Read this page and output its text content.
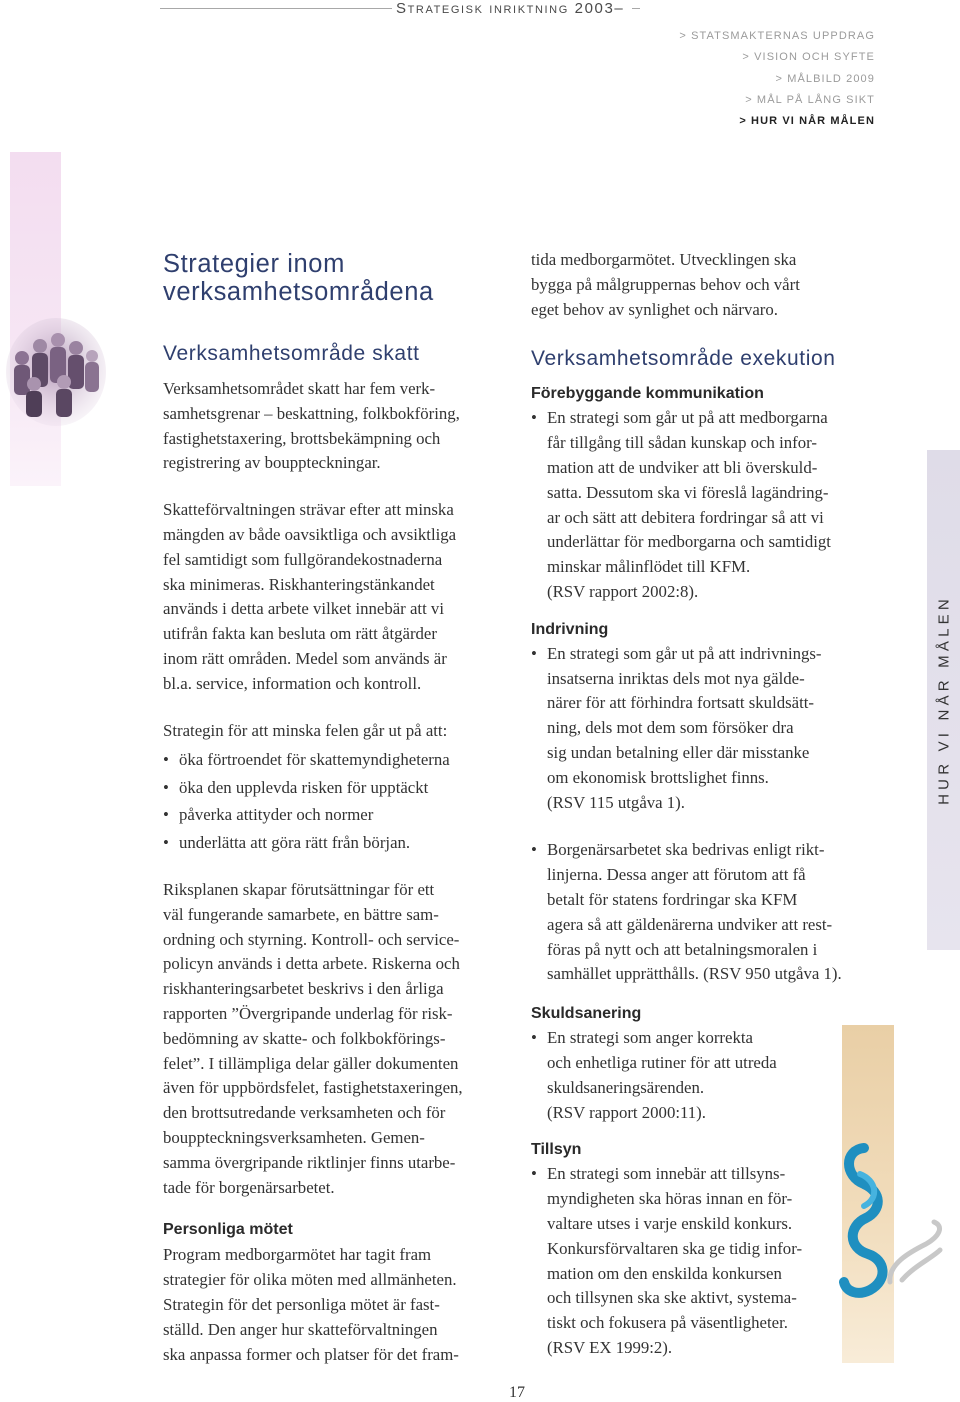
Strategisk inriktning 2003–
> STATSMAKTERNAS UPPDRAG
> VISION OCH SYFTE
> MÅLBILD 2009
> MÅL PÅ LÅNG SIKT
> HUR VI NÅR MÅLEN
HUR VI NÅR MÅLEN
Strategier inom
verksamhetsområdena
Verksamhetsområde skatt

Verksamhetsområdet skatt har fem verk-
samhetsgrenar – beskattning, folkbokföring,
fastighetstaxering, brottsbekämpning och
registrering av bouppteckningar.

Skatteförvaltningen strävar efter att minska
mängden av både oavsiktliga och avsiktliga
fel samtidigt som fullgörandekostnaderna
ska minimeras. Riskhanteringstänkandet
används i detta arbete vilket innebär att vi
utifrån fakta kan besluta om rätt åtgärder
inom rätt områden. Medel som används är
bl.a. service, information och kontroll.

Strategin för att minska felen går ut på att:

• öka förtroendet för skattemyndigheterna
• öka den upplevda risken för upptäckt
• påverka attityder och normer
• underlätta att göra rätt från början.

Riksplanen skapar förutsättningar för ett
väl fungerande samarbete, en bättre sam-
ordning och styrning. Kontroll- och service-
policyn används i detta arbete. Riskerna och
riskhanteringsarbetet beskrivs i den årliga
rapporten ”Övergripande underlag för risk-
bedömning av skatte- och folkbokförings-
felet”. I tillämpliga delar gäller dokumenten
även för uppbördsfelet, fastighetstaxeringen,
den brottsutredande verksamheten och för
bouppteckningsverksamheten. Gemen-
samma övergripande riktlinjer finns utarbe-
tade för borgenärsarbetet.

Personliga mötet

Program medborgarmötet har tagit fram
strategier för olika möten med allmänheten.
Strategin för det personliga mötet är fast-
ställd. Den anger hur skatteförvaltningen
ska anpassa former och platser för det fram-

tida medborgarmötet. Utvecklingen ska
bygga på målgruppernas behov och vårt
eget behov av synlighet och närvaro.

Verksamhetsområde exekution
Förebyggande kommunikation
• En strategi som går ut på att medborgarna
får tillgång till sådan kunskap och infor-
mation att de undviker att bli överskuld-
satta. Dessutom ska vi föreslå lagändring-
ar och sätt att debitera fordringar så att vi
underlättar för medborgarna och samtidigt
minskar målinflödet till KFM.
(RSV rapport 2002:8).
Indrivning
• En strategi som går ut på att indrivnings-
insatserna inriktas dels mot nya gälde-
närer för att förhindra fortsatt skuldsätt-
ning, dels mot dem som försöker dra
sig undan betalning eller där misstanke
om ekonomisk brottslighet finns.
(RSV 115 utgåva 1).
• Borgenärsarbetet ska bedrivas enligt rikt-
linjerna. Dessa anger att förutom att få
betalt för statens fordringar ska KFM
agera så att gäldenärerna undviker att rest-
föras på nytt och att betalningsmoralen i
samhället upprätthålls. (RSV 950 utgåva 1).
Skuldsanering
• En strategi som anger korrekta
och enhetliga rutiner för att utreda
skuldsaneringsärenden.
(RSV rapport 2000:11).
Tillsyn
• En strategi som innebär att tillsyns-
myndigheten ska höras innan en för-
valtare utses i varje enskild konkurs.
Konkursförvaltaren ska ge tidig infor-
mation om den enskilda konkursen
och tillsynen ska ske aktivt, systema-
tiskt och fokusera på väsentligheter.
(RSV EX 1999:2).
17
